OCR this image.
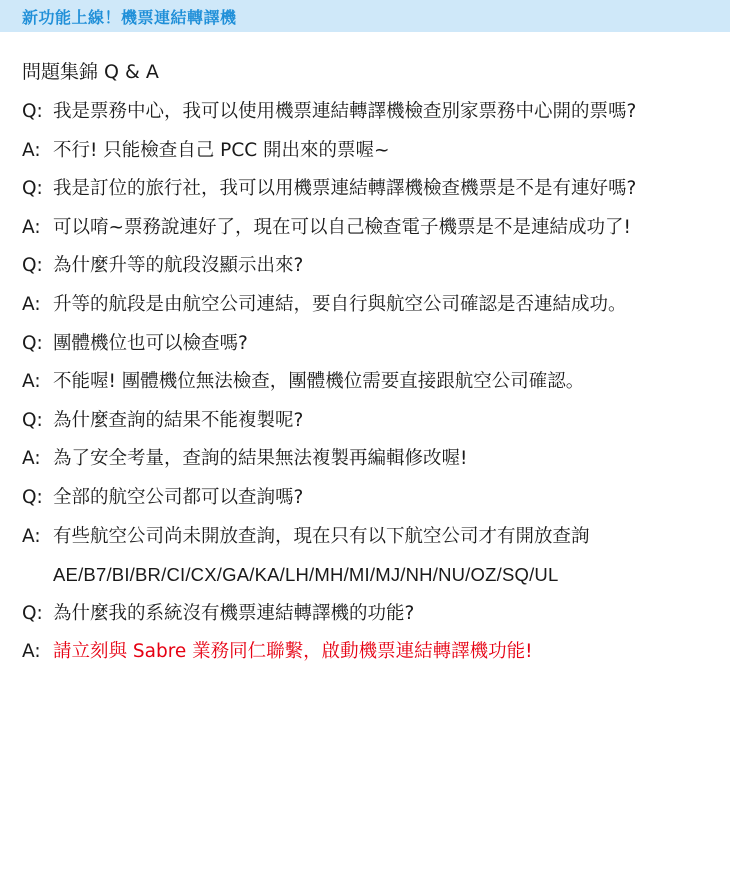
新功能上線！機票連結轉譯機
問題集錦 Q & A
Q: 我是票務中心，我可以使用機票連結轉譯機檢查別家票務中心開的票嗎?
A: 不行! 只能檢查自己 PCC 開出來的票喔~
Q: 我是訂位的旅行社，我可以用機票連結轉譯機檢查機票是不是有連好嗎?
A: 可以唷~票務說連好了，現在可以自己檢查電子機票是不是連結成功了!
Q: 為什麼升等的航段沒顯示出來?
A: 升等的航段是由航空公司連結，要自行與航空公司確認是否連結成功。
Q: 團體機位也可以檢查嗎?
A: 不能喔! 團體機位無法檢查，團體機位需要直接跟航空公司確認。
Q: 為什麼查詢的結果不能複製呢?
A: 為了安全考量，查詢的結果無法複製再編輯修改喔!
Q: 全部的航空公司都可以查詢嗎?
A: 有些航空公司尚未開放查詢，現在只有以下航空公司才有開放查詢
AE/B7/BI/BR/CI/CX/GA/KA/LH/MH/MI/MJ/NH/NU/OZ/SQ/UL
Q: 為什麼我的系統沒有機票連結轉譯機的功能?
A: 請立刻與 Sabre 業務同仁聯繫，啟動機票連結轉譯機功能!
